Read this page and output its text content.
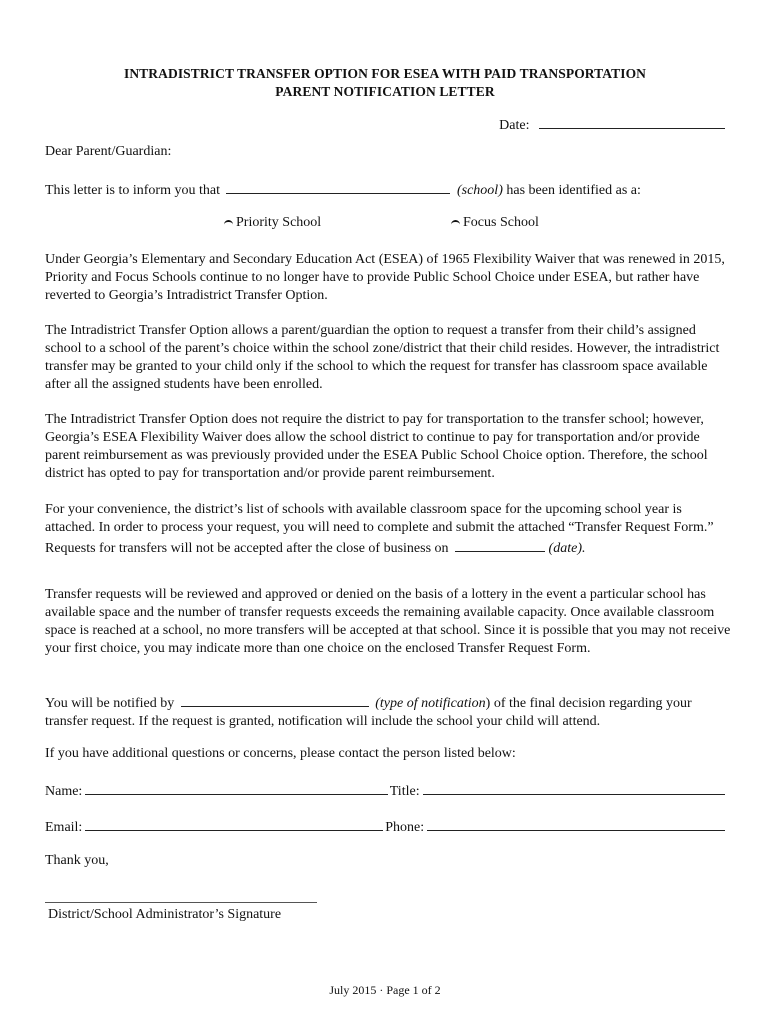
INTRADISTRICT TRANSFER OPTION FOR ESEA WITH PAID TRANSPORTATION
PARENT NOTIFICATION LETTER
Date:
Dear Parent/Guardian:
This letter is to inform you that	(school) has been identified as a:
Priority School	Focus School
Under Georgia’s Elementary and Secondary Education Act (ESEA) of 1965 Flexibility Waiver that was renewed in 2015, Priority and Focus Schools continue to no longer have to provide Public School Choice under ESEA, but rather have reverted to Georgia’s Intradistrict Transfer Option.
The Intradistrict Transfer Option allows a parent/guardian the option to request a transfer from their child’s assigned school to a school of the parent’s choice within the school zone/district that their child resides. However, the intradistrict transfer may be granted to your child only if the school to which the request for transfer has classroom space available after all the assigned students have been enrolled.
The Intradistrict Transfer Option does not require the district to pay for transportation to the transfer school; however, Georgia’s ESEA Flexibility Waiver does allow the school district to continue to pay for transportation and/or provide parent reimbursement as was previously provided under the ESEA Public School Choice option. Therefore, the school district has opted to pay for transportation and/or provide parent reimbursement.
For your convenience, the district’s list of schools with available classroom space for the upcoming school year is attached. In order to process your request, you will need to complete and submit the attached “Transfer Request Form.” Requests for transfers will not be accepted after the close of business on	(date).
Transfer requests will be reviewed and approved or denied on the basis of a lottery in the event a particular school has available space and the number of transfer requests exceeds the remaining available capacity. Once available classroom space is reached at a school, no more transfers will be accepted at that school. Since it is possible that you may not receive your first choice, you may indicate more than one choice on the enclosed Transfer Request Form.
You will be notified by	(type of notification) of the final decision regarding your transfer request. If the request is granted, notification will include the school your child will attend.
If you have additional questions or concerns, please contact the person listed below:
Name:	Title:
Email:	Phone:
Thank you,
District/School Administrator’s Signature
July 2015 · Page 1 of 2
